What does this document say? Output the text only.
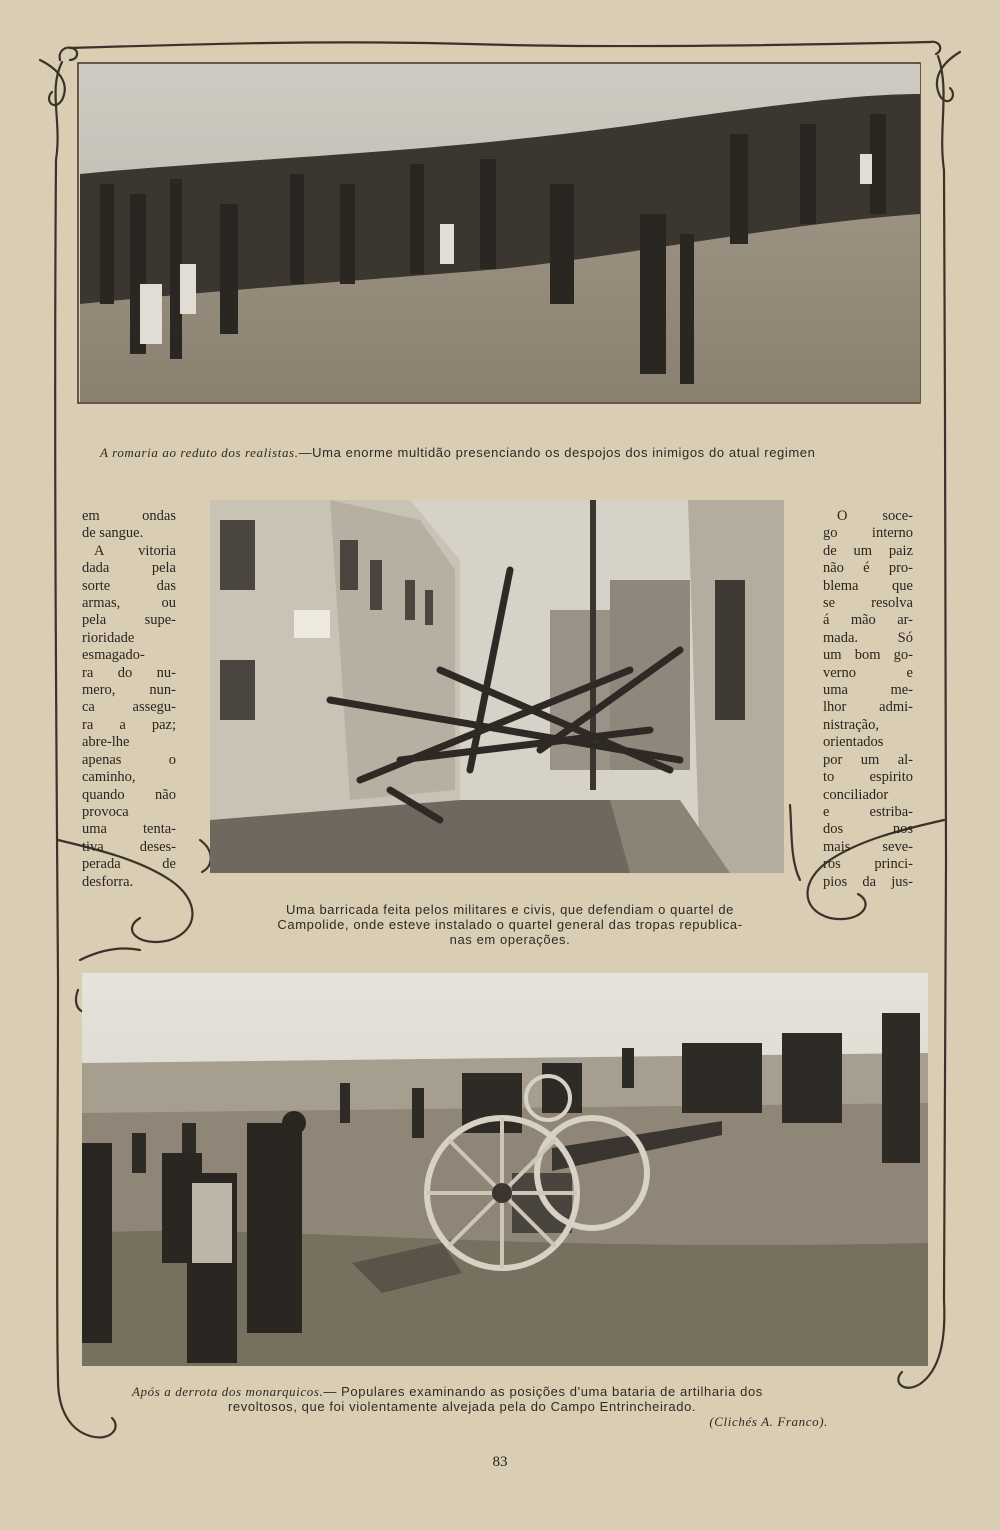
A romaria ao reduto dos realistas.—Uma enorme multidão presenciando os despojos dos inimigos do atual regimen
em ondas
de sangue.
A vitoria
dada pela
sorte das
armas, ou
pela supe-
rioridade
esmagado-
ra do nu-
mero, nun-
ca assegu-
ra a paz;
abre-lhe
apenas o
caminho,
quando não
provoca
uma tenta-
tiva deses-
perada de
desforra.
O soce-
go interno
de um paiz
não é pro-
blema que
se resolva
á mão ar-
mada. Só
um bom go-
verno e
uma me-
lhor admi-
nistração,
orientados
por um al-
to espirito
conciliador
e estriba-
dos nos
mais seve-
ros princi-
pios da jus-
Uma barricada feita pelos militares e civis, que defendiam o quartel de
Campolide, onde esteve instalado o quartel general das tropas republica-
nas em operações.
Após a derrota dos monarquicos.— Populares examinando as posições d'uma bataria de artilharia dos
revoltosos, que foi violentamente alvejada pela do Campo Entrincheirado.
(Clichés A. Franco).
83
